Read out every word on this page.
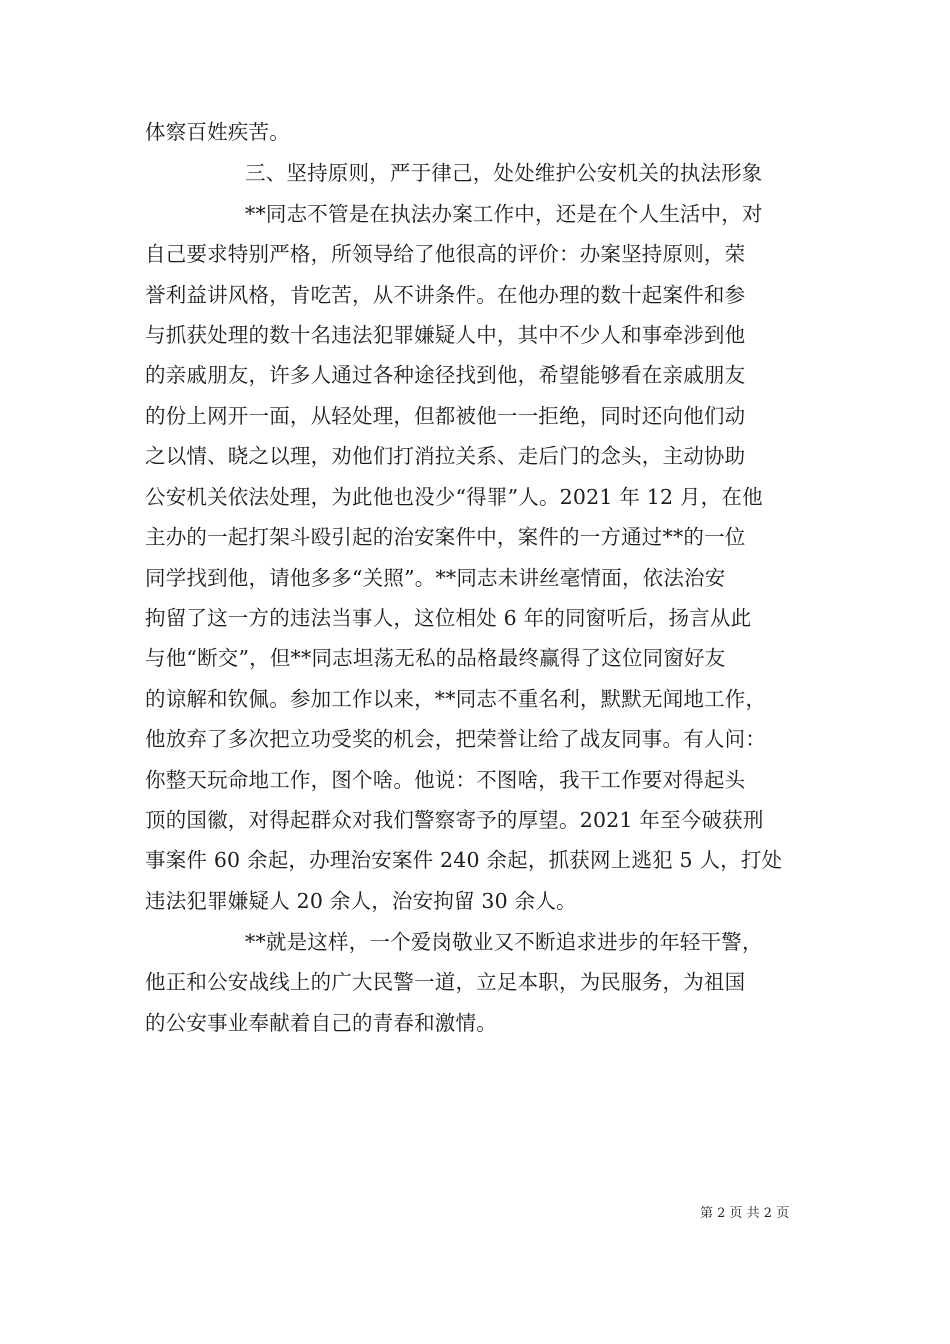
体察百姓疾苦。
三、坚持原则，严于律己，处处维护公安机关的执法形象
**同志不管是在执法办案工作中，还是在个人生活中，对
自己要求特别严格，所领导给了他很高的评价：办案坚持原则，荣
誉利益讲风格，肯吃苦，从不讲条件。在他办理的数十起案件和参
与抓获处理的数十名违法犯罪嫌疑人中，其中不少人和事牵涉到他
的亲戚朋友，许多人通过各种途径找到他，希望能够看在亲戚朋友
的份上网开一面，从轻处理，但都被他一一拒绝，同时还向他们动
之以情、晓之以理，劝他们打消拉关系、走后门的念头，主动协助
公安机关依法处理，为此他也没少“得罪”人。2021 年 12 月，在他
主办的一起打架斗殴引起的治安案件中，案件的一方通过**的一位
同学找到他，请他多多“关照”。**同志未讲丝毫情面，依法治安
拘留了这一方的违法当事人，这位相处 6 年的同窗听后，扬言从此
与他“断交”，但**同志坦荡无私的品格最终赢得了这位同窗好友
的谅解和钦佩。参加工作以来，**同志不重名利，默默无闻地工作，
他放弃了多次把立功受奖的机会，把荣誉让给了战友同事。有人问：
你整天玩命地工作，图个啥。他说：不图啥，我干工作要对得起头
顶的国徽，对得起群众对我们警察寄予的厚望。2021 年至今破获刑
事案件 60 余起，办理治安案件 240 余起，抓获网上逃犯 5 人，打处
违法犯罪嫌疑人 20 余人，治安拘留 30 余人。
**就是这样，一个爱岗敬业又不断追求进步的年轻干警，
他正和公安战线上的广大民警一道，立足本职，为民服务，为祖国
的公安事业奉献着自己的青春和激情。
第 2 页 共 2 页
